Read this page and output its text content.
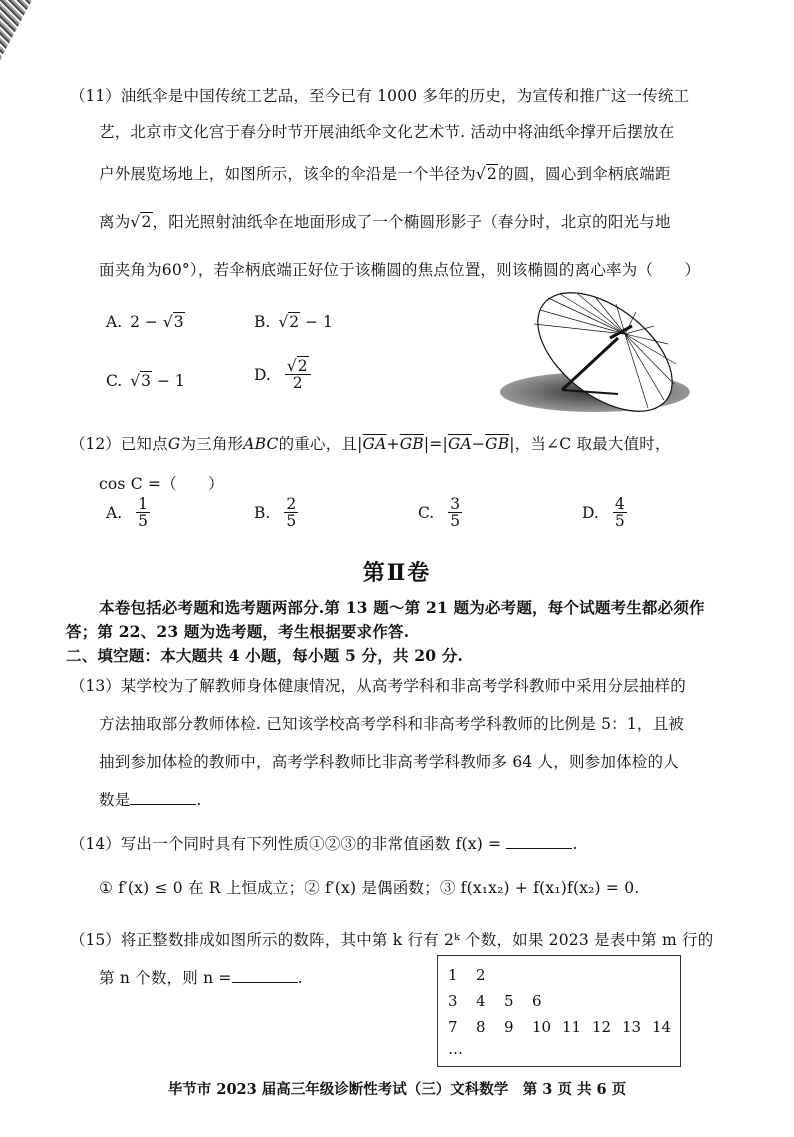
（11）油纸伞是中国传统工艺品，至今已有 1000 多年的历史，为宣传和推广这一传统工
艺，北京市文化宫于春分时节开展油纸伞文化艺术节. 活动中将油纸伞撑开后摆放在
户外展览场地上，如图所示，该伞的伞沿是一个半径为√2的圆，圆心到伞柄底端距
离为√2，阳光照射油纸伞在地面形成了一个椭圆形影子（春分时，北京的阳光与地
面夹角为60°），若伞柄底端正好位于该椭圆的焦点位置，则该椭圆的离心率为（　　）
A. 2 − √3	B. √2 − 1
C. √3 − 1	D. $\frac{√2}{2}$
（12）已知点G为三角形ABC的重心，且$|\overline{GA}+\overline{GB}|=|\overline{GA}-\overline{GB}|$，当∠C 取最大值时，
cos C =（　　）
A. $\frac{1}{5}$	B. $\frac{2}{5}$	C. $\frac{3}{5}$	D. $\frac{4}{5}$
第Ⅱ卷
本卷包括必考题和选考题两部分.第 13 题～第 21 题为必考题，每个试题考生都必须作
答；第 22、23 题为选考题，考生根据要求作答.
二、填空题：本大题共 4 小题，每小题 5 分，共 20 分.
（13）某学校为了解教师身体健康情况，从高考学科和非高考学科教师中采用分层抽样的
方法抽取部分教师体检. 已知该学校高考学科和非高考学科教师的比例是 5：1，且被
抽到参加体检的教师中，高考学科教师比非高考学科教师多 64 人，则参加体检的人
数是	.
（14）写出一个同时具有下列性质①②③的非常值函数 f(x) =	.
① f′(x) ≤ 0 在 R 上恒成立；② f′(x) 是偶函数；③ f(x₁x₂) + f(x₁)f(x₂) = 0.
（15）将正整数排成如图所示的数阵，其中第 k 行有 2ᵏ 个数，如果 2023 是表中第 m 行的
第 n 个数，则 n =	.	1	2
3	4	5	6
7	8	9	10 11 12 13 14
…
毕节市 2023 届高三年级诊断性考试（三）文科数学　第 3 页 共 6 页
